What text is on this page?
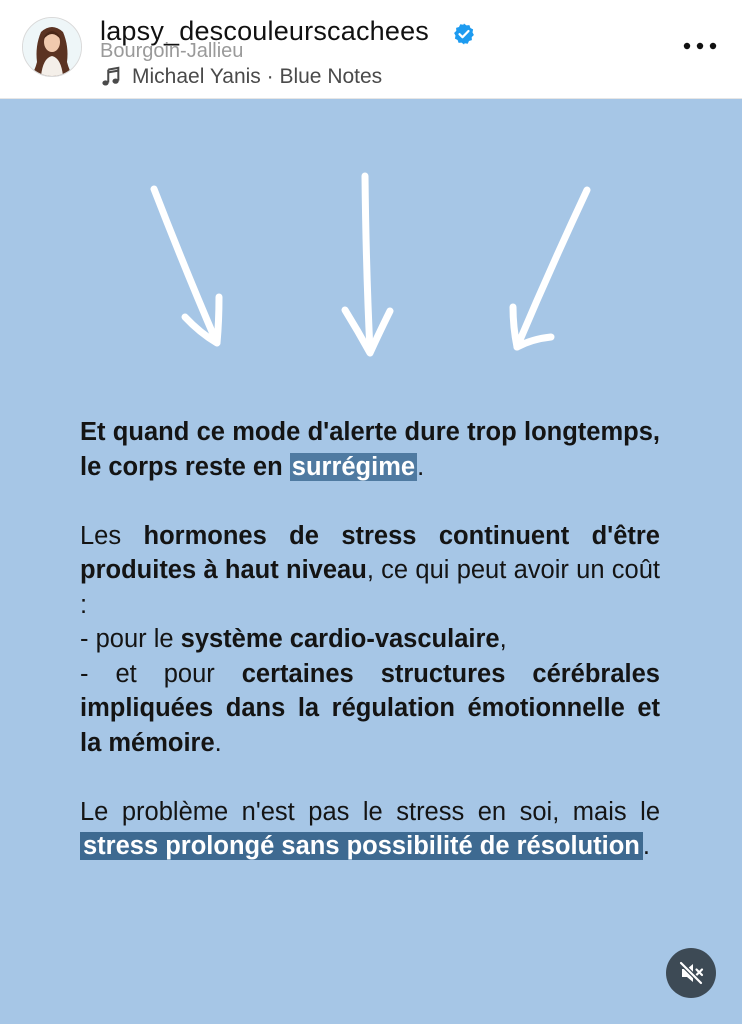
lapsy_descouleurscachees
Bourgoin-Jallieu
Michael Yanis · Blue Notes

Et quand ce mode d'alerte dure trop longtemps, le corps reste en surrégime.

Les hormones de stress continuent d'être produites à haut niveau, ce qui peut avoir un coût :

- pour le système cardio-vasculaire,

- et pour certaines structures cérébrales impliquées dans la régulation émotionnelle et la mémoire.

Le problème n'est pas le stress en soi, mais le stress prolongé sans possibilité de résolution .
